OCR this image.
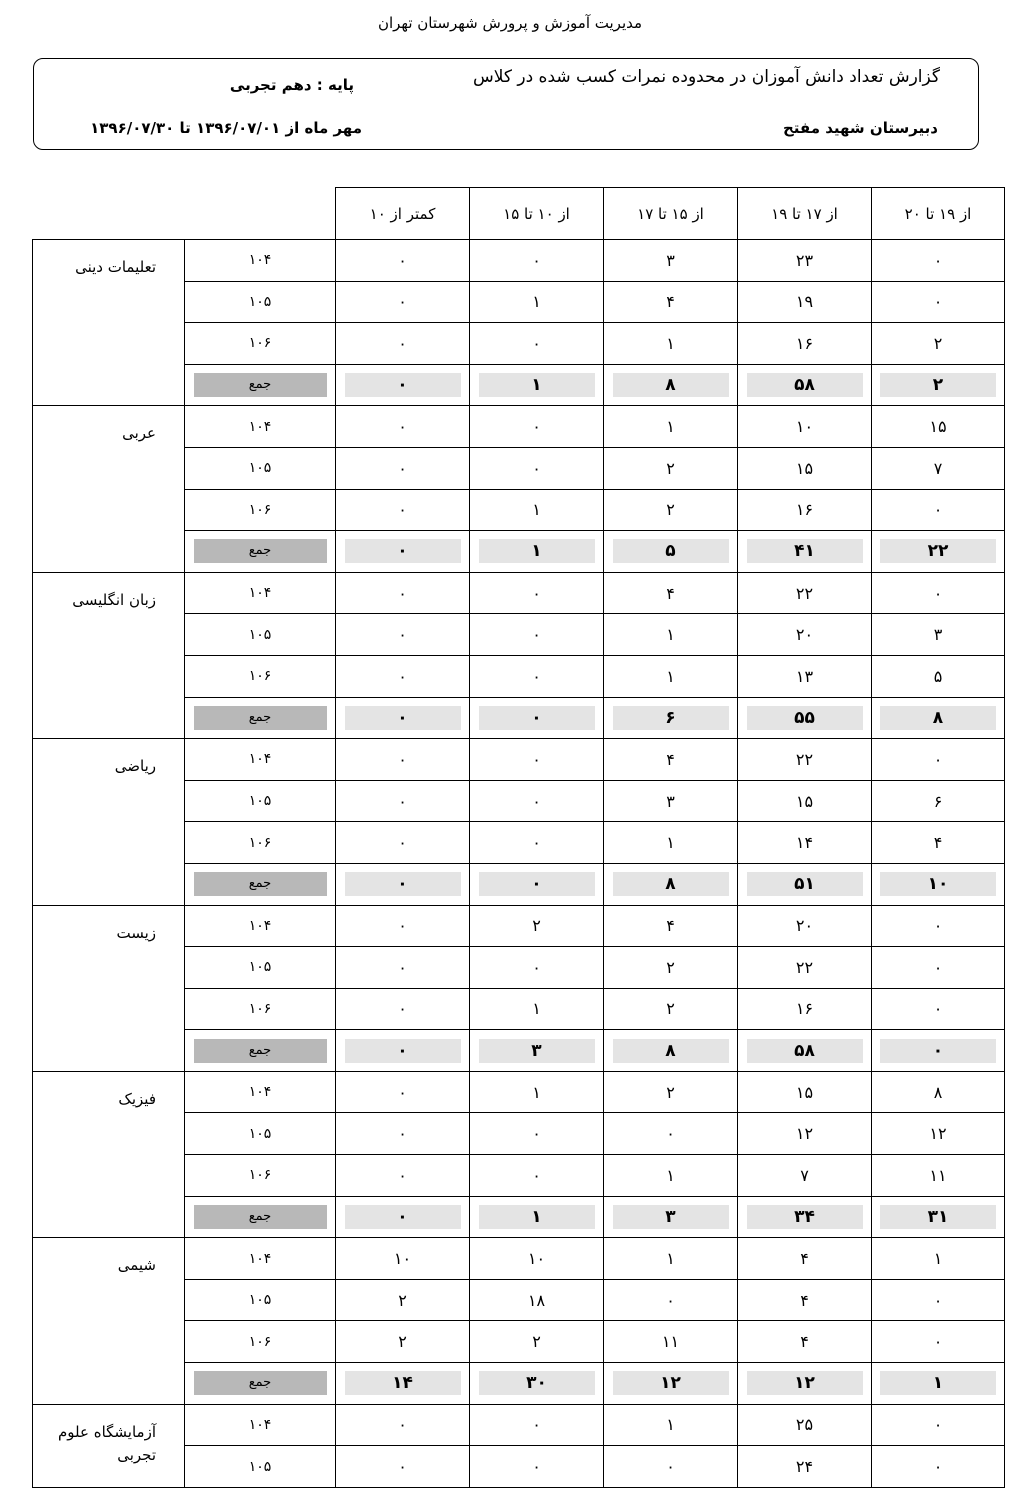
مدیریت آموزش و پرورش شهرستان تهران
گزارش تعداد دانش آموزان در محدوده نمرات کسب شده در کلاس
پایه : دهم تجربی
دبیرستان شهید مفتح
مهر ماه از ۱۳۹۶/۰۷/۰۱ تا ۱۳۹۶/۰۷/۳۰
		کمتر از ۱۰	از ۱۰ تا ۱۵	از ۱۵ تا ۱۷	از ۱۷ تا ۱۹	از ۱۹ تا ۲۰
تعلیمات دینی	۱۰۴	۰	۰	۳	۲۳	۰
	۱۰۵	۰	۱	۴	۱۹	۰
	۱۰۶	۰	۰	۱	۱۶	۲

	جمع	۰	۱	۸	۵۸	۲

عربی	۱۰۴	۰	۰	۱	۱۰	۱۵
	۱۰۵	۰	۰	۲	۱۵	۷
	۱۰۶	۰	۱	۲	۱۶	۰

	جمع	۰	۱	۵	۴۱	۲۲

زبان انگلیسی	۱۰۴	۰	۰	۴	۲۲	۰
	۱۰۵	۰	۰	۱	۲۰	۳
	۱۰۶	۰	۰	۱	۱۳	۵

	جمع	۰	۰	۶	۵۵	۸

ریاضی	۱۰۴	۰	۰	۴	۲۲	۰
	۱۰۵	۰	۰	۳	۱۵	۶
	۱۰۶	۰	۰	۱	۱۴	۴

	جمع	۰	۰	۸	۵۱	۱۰

زیست	۱۰۴	۰	۲	۴	۲۰	۰
	۱۰۵	۰	۰	۲	۲۲	۰
	۱۰۶	۰	۱	۲	۱۶	۰

	جمع	۰	۳	۸	۵۸	۰

فیزیک	۱۰۴	۰	۱	۲	۱۵	۸
	۱۰۵	۰	۰	۰	۱۲	۱۲
	۱۰۶	۰	۰	۱	۷	۱۱

	جمع	۰	۱	۳	۳۴	۳۱

شیمی	۱۰۴	۱۰	۱۰	۱	۴	۱
	۱۰۵	۲	۱۸	۰	۴	۰
	۱۰۶	۲	۲	۱۱	۴	۰

	جمع	۱۴	۳۰	۱۲	۱۲	۱

آزمایشگاه علوم تجربی	۱۰۴	۰	۰	۱	۲۵	۰
	۱۰۵	۰	۰	۰	۲۴	۰
